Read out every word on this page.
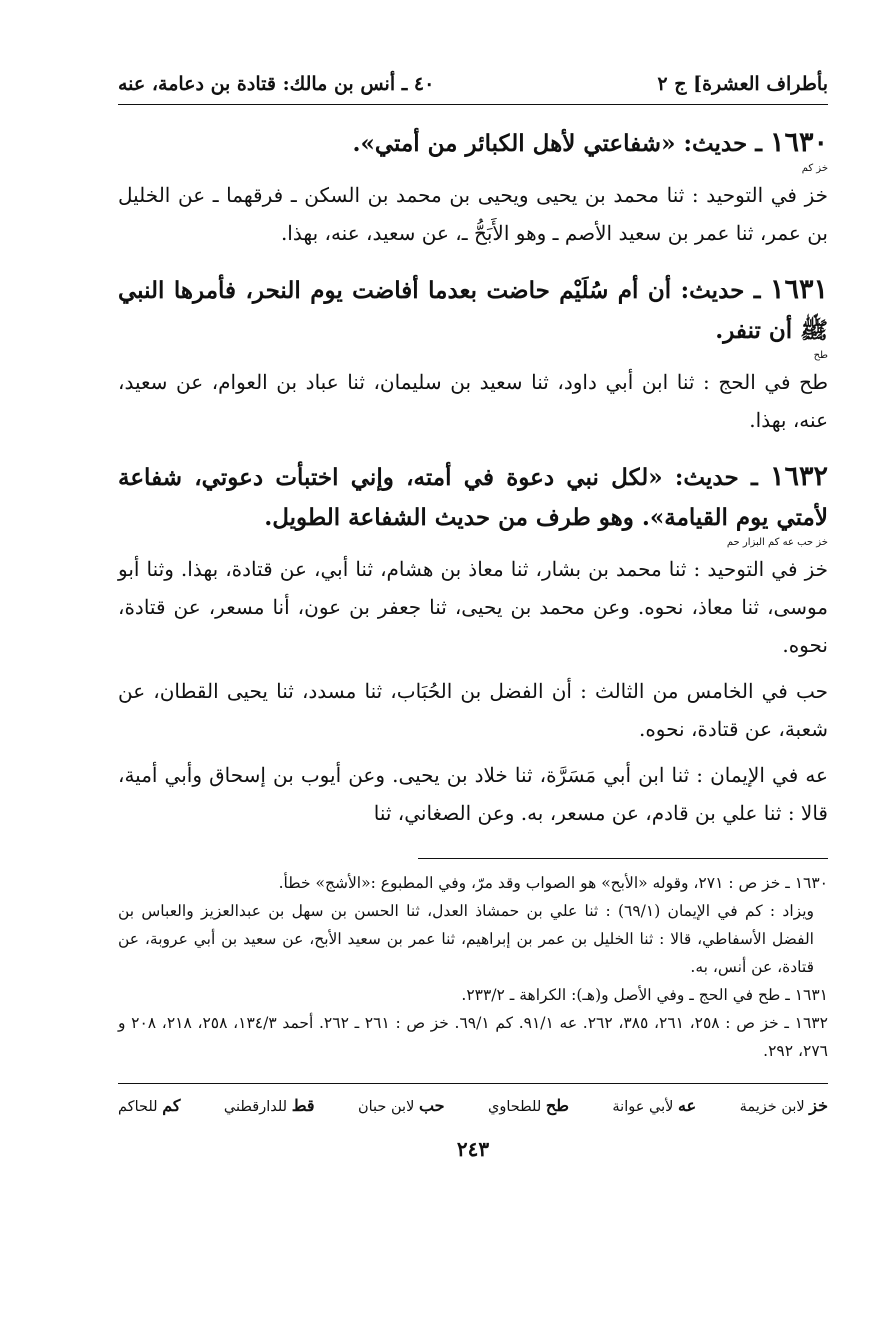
بأطراف العشرة] ج ٢
٤٠ ـ أنس بن مالك: قتادة بن دعامة، عنه
١٦٣٠ ـ حديث: «شفاعتي لأهل الكبائر من أمتي».
خز كم
خز في التوحيد : ثنا محمد بن يحيى ويحيى بن محمد بن السكن ـ فرقهما ـ عن الخليل بن عمر، ثنا عمر بن سعيد الأصم ـ وهو الأَبَحُّ ـ، عن سعيد، عنه، بهذا.
١٦٣١ ـ حديث: أن أم سُلَيْم حاضت بعدما أفاضت يوم النحر، فأمرها النبي ﷺ أن تنفر.
طح
طح في الحج : ثنا ابن أبي داود، ثنا سعيد بن سليمان، ثنا عباد بن العوام، عن سعيد، عنه، بهذا.
١٦٣٢ ـ حديث: «لكل نبي دعوة في أمته، وإني اختبأت دعوتي، شفاعة لأمتي يوم القيامة». وهو طرف من حديث الشفاعة الطويل.
خز حب عه كم البزار حم
خز في التوحيد : ثنا محمد بن بشار، ثنا معاذ بن هشام، ثنا أبي، عن قتادة، بهذا. وثنا أبو موسى، ثنا معاذ، نحوه. وعن محمد بن يحيى، ثنا جعفر بن عون، أنا مسعر، عن قتادة، نحوه.
حب في الخامس من الثالث : أن الفضل بن الحُبَاب، ثنا مسدد، ثنا يحيى القطان، عن شعبة، عن قتادة، نحوه.
عه في الإيمان : ثنا ابن أبي مَسَرَّة، ثنا خلاد بن يحيى. وعن أيوب بن إسحاق وأبي أمية، قالا : ثنا علي بن قادم، عن مسعر، به. وعن الصغاني، ثنا

١٦٣٠ ـ خز ص : ٢٧١، وقوله «الأبح» هو الصواب وقد مرّ، وفي المطبوع :«الأشج» خطأ.

ويزاد : كم في الإيمان (٦٩/١) : ثنا علي بن حمشاذ العدل، ثنا الحسن بن سهل بن عبدالعزيز والعباس بن الفضل الأسفاطي، قالا : ثنا الخليل بن عمر بن إبراهيم، ثنا عمر بن سعيد الأبح، عن سعيد بن أبي عروبة، عن قتادة، عن أنس، به.

١٦٣١ ـ طح في الحج ـ وفي الأصل و(هـ): الكراهة ـ ٢٣٣/٢.

١٦٣٢ ـ خز ص : ٢٥٨، ٢٦١، ٣٨٥، ٢٦٢. عه ٩١/١. كم ٦٩/١. خز ص : ٢٦١ ـ ٢٦٢. أحمد ١٣٤/٣، ٢٥٨، ٢١٨، ٢٠٨ و ٢٧٦، ٢٩٢.

خز لابن خزيمة
عه لأبي عوانة
طح للطحاوي
حب لابن حبان
قط للدارقطني
كم للحاكم
٢٤٣
